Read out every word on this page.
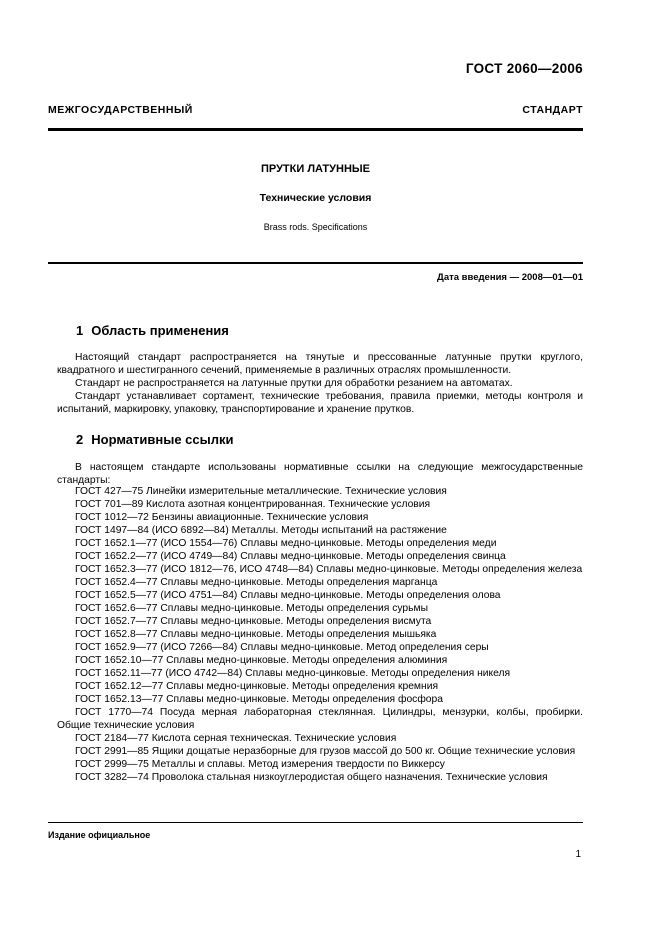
ГОСТ 2060—2006
МЕЖГОСУДАРСТВЕННЫЙ СТАНДАРТ
ПРУТКИ ЛАТУННЫЕ
Технические условия
Brass rods. Specifications
Дата введения — 2008—01—01
1 Область применения

Настоящий стандарт распространяется на тянутые и прессованные латунные прутки круглого, квадратного и шестигранного сечений, применяемые в различных отраслях промышленности.

Стандарт не распространяется на латунные прутки для обработки резанием на автоматах.

Стандарт устанавливает сортамент, технические требования, правила приемки, методы контроля и испытаний, маркировку, упаковку, транспортирование и хранение прутков.

2 Нормативные ссылки

В настоящем стандарте использованы нормативные ссылки на следующие межгосударственные стандарты:

ГОСТ 427—75 Линейки измерительные металлические. Технические условия
ГОСТ 701—89 Кислота азотная концентрированная. Технические условия
ГОСТ 1012—72 Бензины авиационные. Технические условия
ГОСТ 1497—84 (ИСО 6892—84) Металлы. Методы испытаний на растяжение
ГОСТ 1652.1—77 (ИСО 1554—76) Сплавы медно-цинковые. Методы определения меди
ГОСТ 1652.2—77 (ИСО 4749—84) Сплавы медно-цинковые. Методы определения свинца
ГОСТ 1652.3—77 (ИСО 1812—76, ИСО 4748—84) Сплавы медно-цинковые. Методы определения железа
ГОСТ 1652.4—77 Сплавы медно-цинковые. Методы определения марганца
ГОСТ 1652.5—77 (ИСО 4751—84) Сплавы медно-цинковые. Методы определения олова
ГОСТ 1652.6—77 Сплавы медно-цинковые. Методы определения сурьмы
ГОСТ 1652.7—77 Сплавы медно-цинковые. Методы определения висмута
ГОСТ 1652.8—77 Сплавы медно-цинковые. Методы определения мышьяка
ГОСТ 1652.9—77 (ИСО 7266—84) Сплавы медно-цинковые. Метод определения серы
ГОСТ 1652.10—77 Сплавы медно-цинковые. Методы определения алюминия
ГОСТ 1652.11—77 (ИСО 4742—84) Сплавы медно-цинковые. Методы определения никеля
ГОСТ 1652.12—77 Сплавы медно-цинковые. Методы определения кремния
ГОСТ 1652.13—77 Сплавы медно-цинковые. Методы определения фосфора
ГОСТ 1770—74 Посуда мерная лабораторная стеклянная. Цилиндры, мензурки, колбы, пробирки. Общие технические условия
ГОСТ 2184—77 Кислота серная техническая. Технические условия
ГОСТ 2991—85 Ящики дощатые неразборные для грузов массой до 500 кг. Общие технические условия
ГОСТ 2999—75 Металлы и сплавы. Метод измерения твердости по Виккерсу
ГОСТ 3282—74 Проволока стальная низкоуглеродистая общего назначения. Технические условия
Издание официальное
1
